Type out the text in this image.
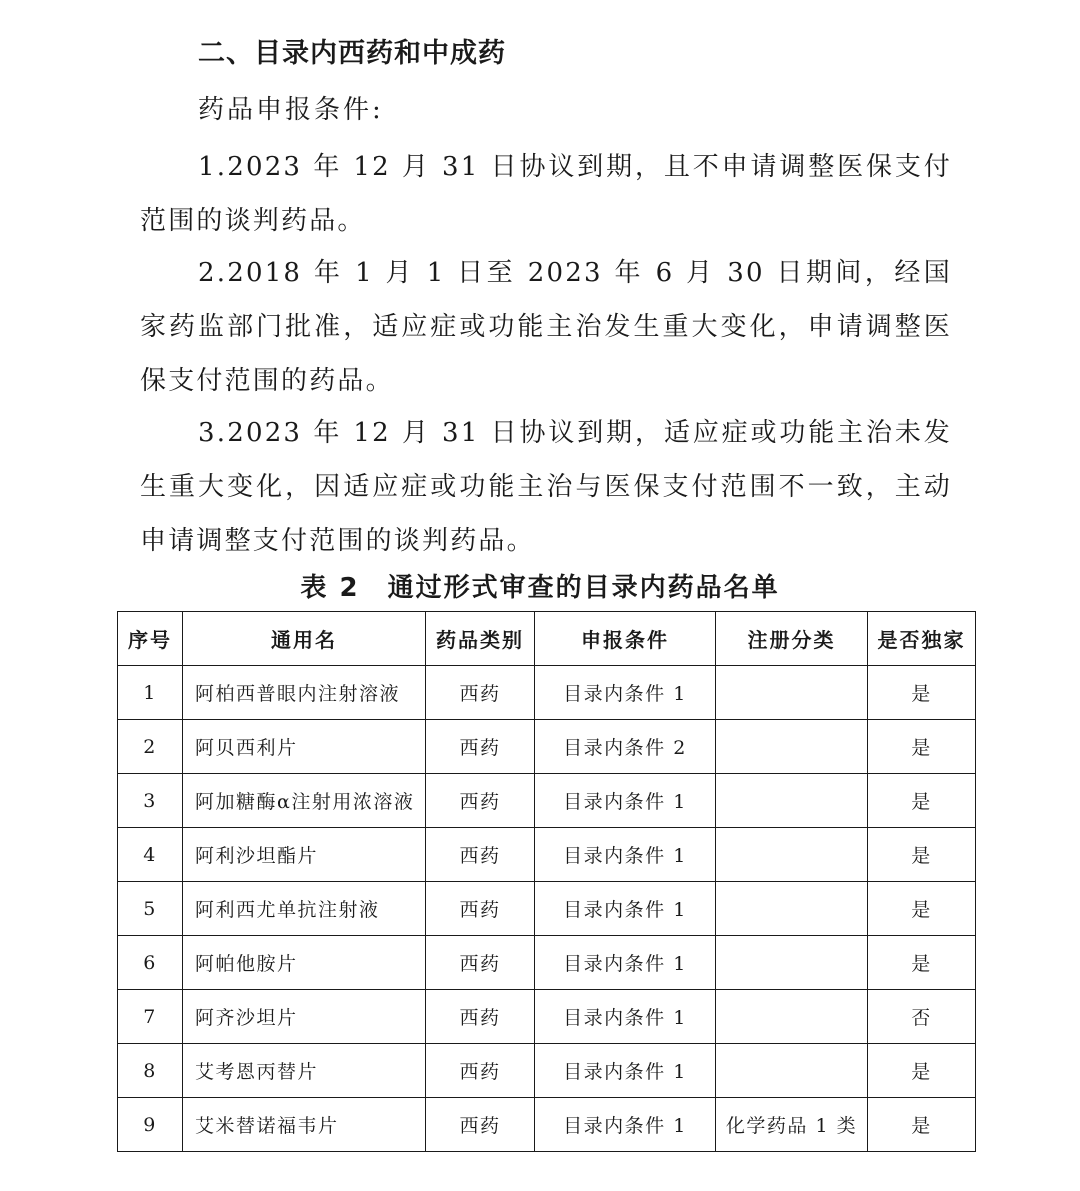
二、目录内西药和中成药
药品申报条件:

1.2023 年 12 月 31 日协议到期，且不申请调整医保支付范围的谈判药品。

2.2018 年 1 月 1 日至 2023 年 6 月 30 日期间，经国家药监部门批准，适应症或功能主治发生重大变化，申请调整医保支付范围的药品。

3.2023 年 12 月 31 日协议到期，适应症或功能主治未发生重大变化，因适应症或功能主治与医保支付范围不一致，主动申请调整支付范围的谈判药品。

表 2　通过形式审查的目录内药品名单
序号	通用名	药品类别	申报条件	注册分类	是否独家
1	阿柏西普眼内注射溶液	西药	目录内条件 1		是
2	阿贝西利片	西药	目录内条件 2		是
3	阿加糖酶α注射用浓溶液	西药	目录内条件 1		是
4	阿利沙坦酯片	西药	目录内条件 1		是
5	阿利西尤单抗注射液	西药	目录内条件 1		是
6	阿帕他胺片	西药	目录内条件 1		是
7	阿齐沙坦片	西药	目录内条件 1		否
8	艾考恩丙替片	西药	目录内条件 1		是
9	艾米替诺福韦片	西药	目录内条件 1	化学药品 1 类	是
